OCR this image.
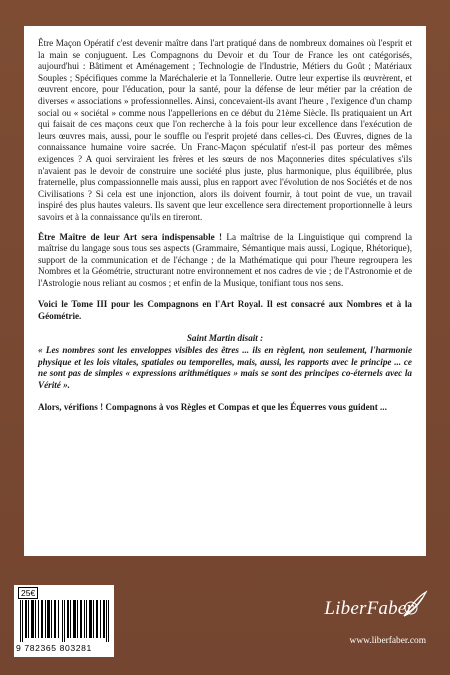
Être Maçon Opératif c'est devenir maître dans l'art pratiqué dans de nombreux domaines où l'esprit et la main se conjuguent. Les Compagnons du Devoir et du Tour de France les ont catégorisés, aujourd'hui : Bâtiment et Aménagement ; Technologie de l'Industrie, Métiers du Goût ; Matériaux Souples ; Spécifiques comme la Maréchalerie et la Tonnellerie. Outre leur expertise ils œuvrèrent, et œuvrent encore, pour l'éducation, pour la santé, pour la défense de leur métier par la création de diverses « associations » professionnelles. Ainsi, concevaient-ils avant l'heure , l'exigence d'un champ social ou « sociétal » comme nous l'appellerions en ce début du 21ème Siècle. Ils pratiquaient un Art qui faisait de ces maçons ceux que l'on recherche à la fois pour leur excellence dans l'exécution de leurs œuvres mais, aussi, pour le souffle ou l'esprit projeté dans celles-ci. Des Œuvres, dignes de la connaissance humaine voire sacrée. Un Franc-Maçon spéculatif n'est-il pas porteur des mêmes exigences ? A quoi serviraient les frères et les sœurs de nos Maçonneries dites spéculatives s'ils n'avaient pas le devoir de construire une société plus juste, plus harmonique, plus équilibrée, plus fraternelle, plus compassionnelle mais aussi, plus en rapport avec l'évolution de nos Sociétés et de nos Civilisations ? Si cela est une injonction, alors ils doivent fournir, à tout point de vue, un travail inspiré des plus hautes valeurs. Ils savent que leur excellence sera directement proportionnelle à leurs savoirs et à la connaissance qu'ils en tireront.

Être Maître de leur Art sera indispensable ! La maîtrise de la Linguistique qui comprend la maîtrise du langage sous tous ses aspects (Grammaire, Sémantique mais aussi, Logique, Rhétorique), support de la communication et de l'échange ; de la Mathématique qui pour l'heure regroupera les Nombres et la Géométrie, structurant notre environnement et nos cadres de vie ; de l'Astronomie et de l'Astrologie nous reliant au cosmos ; et enfin de la Musique, tonifiant tous nos sens.

Voici le Tome III pour les Compagnons en l'Art Royal. Il est consacré aux Nombres et à la Géométrie.

Saint Martin disait :

« Les nombres sont les enveloppes visibles des êtres ... ils en règlent, non seulement, l'harmonie physique et les lois vitales, spatiales ou temporelles, mais, aussi, les rapports avec le principe ... ce ne sont pas de simples « expressions arithmétiques » mais se sont des principes co-éternels avec la Vérité ».

Alors, vérifions ! Compagnons à vos Règles et Compas et que les Équerres vous guident ...

25€
9 782365 803281
LiberFaber
www.liberfaber.com
